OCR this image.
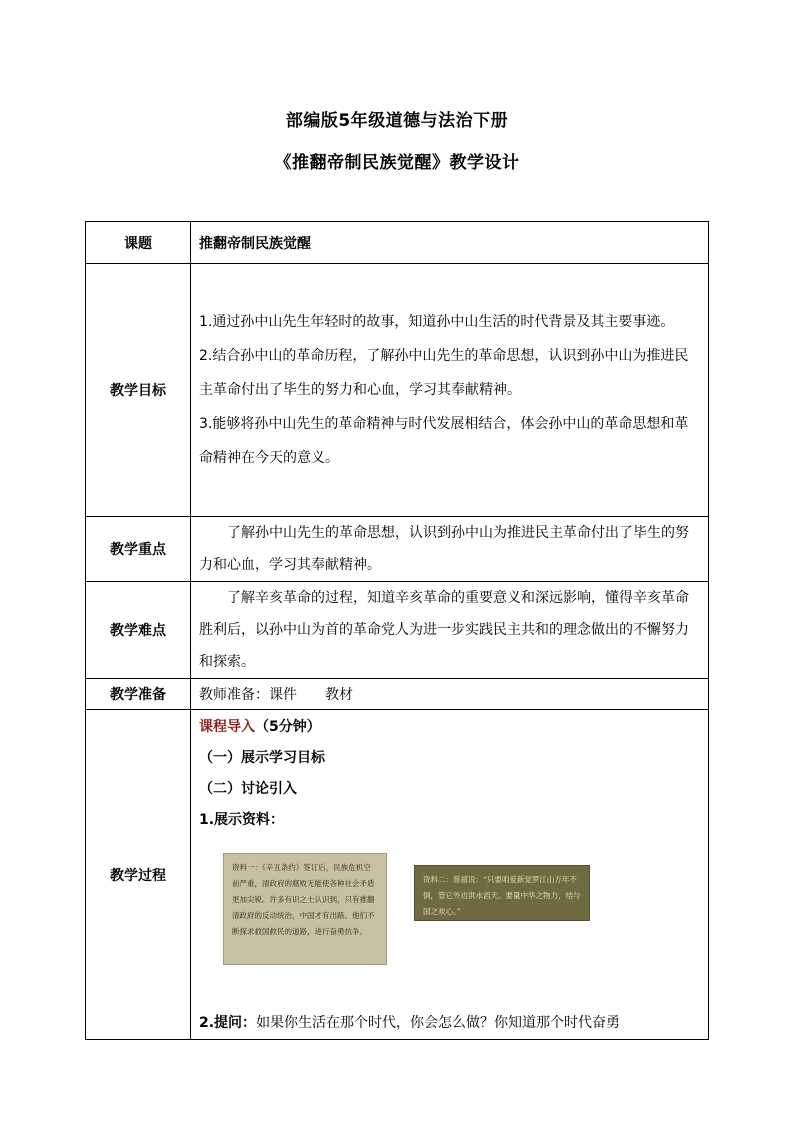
部编版5年级道德与法治下册
《推翻帝制民族觉醒》教学设计
课题	推翻帝制民族觉醒
教学目标	1.通过孙中山先生年轻时的故事，知道孙中山生活的时代背景及其主要事迹。

2.结合孙中山的革命历程，了解孙中山先生的革命思想，认识到孙中山为推进民主革命付出了毕生的努力和心血，学习其奉献精神。

3.能够将孙中山先生的革命精神与时代发展相结合，体会孙中山的革命思想和革命精神在今天的意义。

教学重点	了解孙中山先生的革命思想，认识到孙中山为推进民主革命付出了毕生的努力和心血，学习其奉献精神。

教学难点	了解辛亥革命的过程，知道辛亥革命的重要意义和深远影响，懂得辛亥革命胜利后，以孙中山为首的革命党人为进一步实践民主共和的理念做出的不懈努力和探索。

教学准备	教师准备：课件　　教材
教学过程	课程导入（5分钟）

（一）展示学习目标

（二）讨论引入

1.展示资料：

2.提问：如果你生活在那个时代，你会怎么做？你知道那个时代奋勇

资料一：《辛丑条约》签订后，民族危机空前严重，清政府的腐败无能使各种社会矛盾更加尖锐。许多有识之士认识到，只有推翻清政府的反动统治，中国才有出路。他们不断探求救国救民的道路，进行奋勇抗争。
资料二：慈禧说：“只要咱爱新觉罗江山万年不倒，管它外边洪水滔天。要量中华之物力，结与国之欢心。”
